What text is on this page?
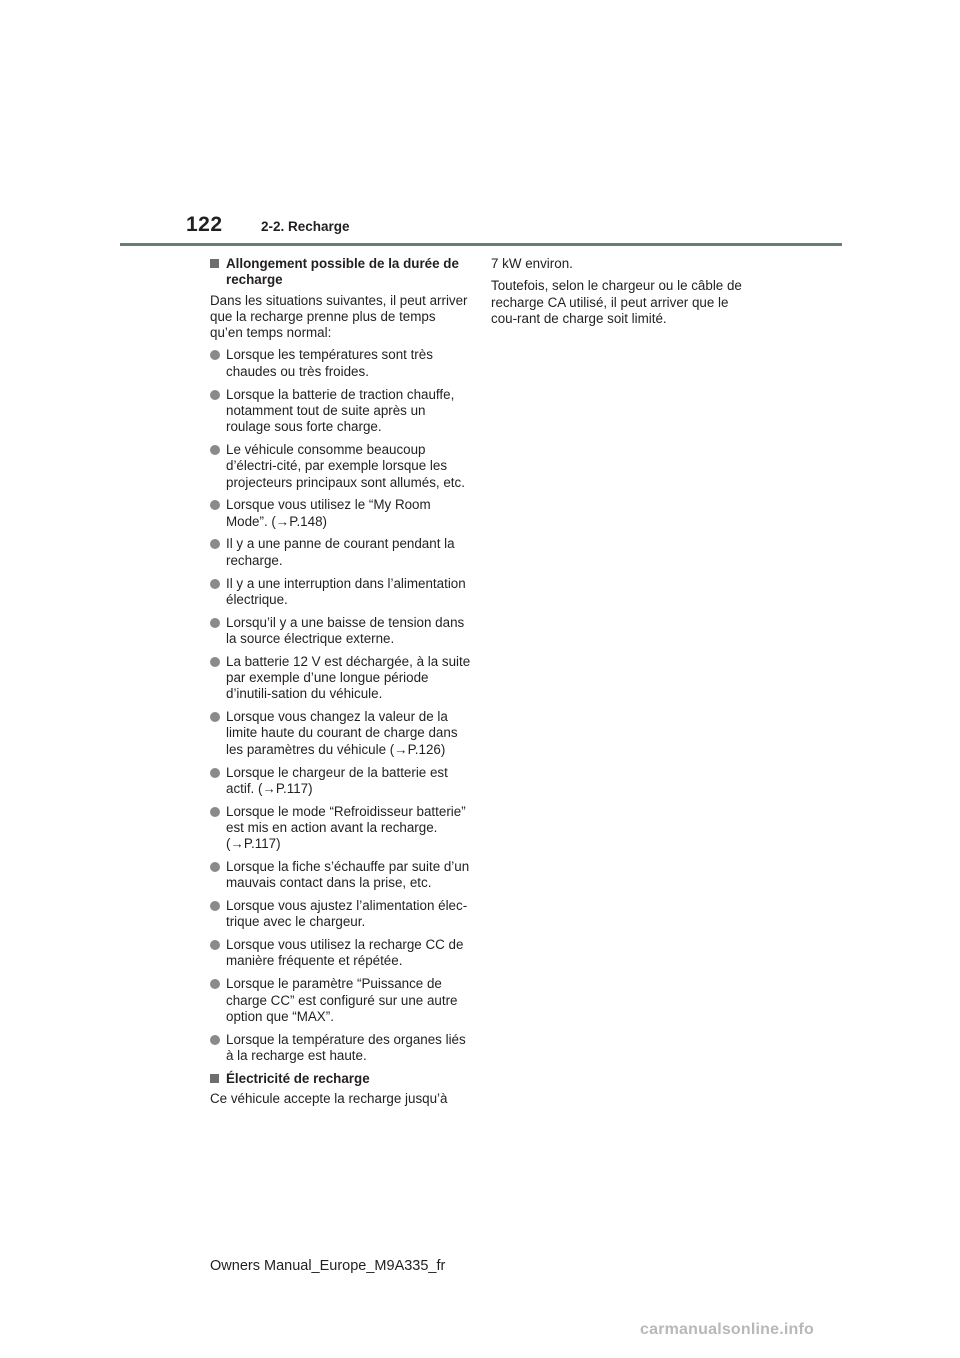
122	2-2. Recharge
Allongement possible de la durée de recharge

Dans les situations suivantes, il peut arriver que la recharge prenne plus de temps qu’en temps normal:

Lorsque les températures sont très chaudes ou très froides.
Lorsque la batterie de traction chauffe, notamment tout de suite après un roulage sous forte charge.
Le véhicule consomme beaucoup d’électri-cité, par exemple lorsque les projecteurs principaux sont allumés, etc.
Lorsque vous utilisez le “My Room Mode”. (→P.148)
Il y a une panne de courant pendant la recharge.
Il y a une interruption dans l’alimentation électrique.
Lorsqu’il y a une baisse de tension dans la source électrique externe.
La batterie 12 V est déchargée, à la suite par exemple d’une longue période d’inutili-sation du véhicule.
Lorsque vous changez la valeur de la limite haute du courant de charge dans les paramètres du véhicule (→P.126)
Lorsque le chargeur de la batterie est actif. (→P.117)
Lorsque le mode “Refroidisseur batterie” est mis en action avant la recharge. (→P.117)
Lorsque la fiche s’échauffe par suite d’un mauvais contact dans la prise, etc.
Lorsque vous ajustez l’alimentation élec-trique avec le chargeur.
Lorsque vous utilisez la recharge CC de manière fréquente et répétée.
Lorsque le paramètre “Puissance de charge CC” est configuré sur une autre option que “MAX”.
Lorsque la température des organes liés à la recharge est haute.
Électricité de recharge

Ce véhicule accepte la recharge jusqu’à

7 kW environ.

Toutefois, selon le chargeur ou le câble de recharge CA utilisé, il peut arriver que le cou-rant de charge soit limité.

Owners Manual_Europe_M9A335_fr
carmanualsonline.info
